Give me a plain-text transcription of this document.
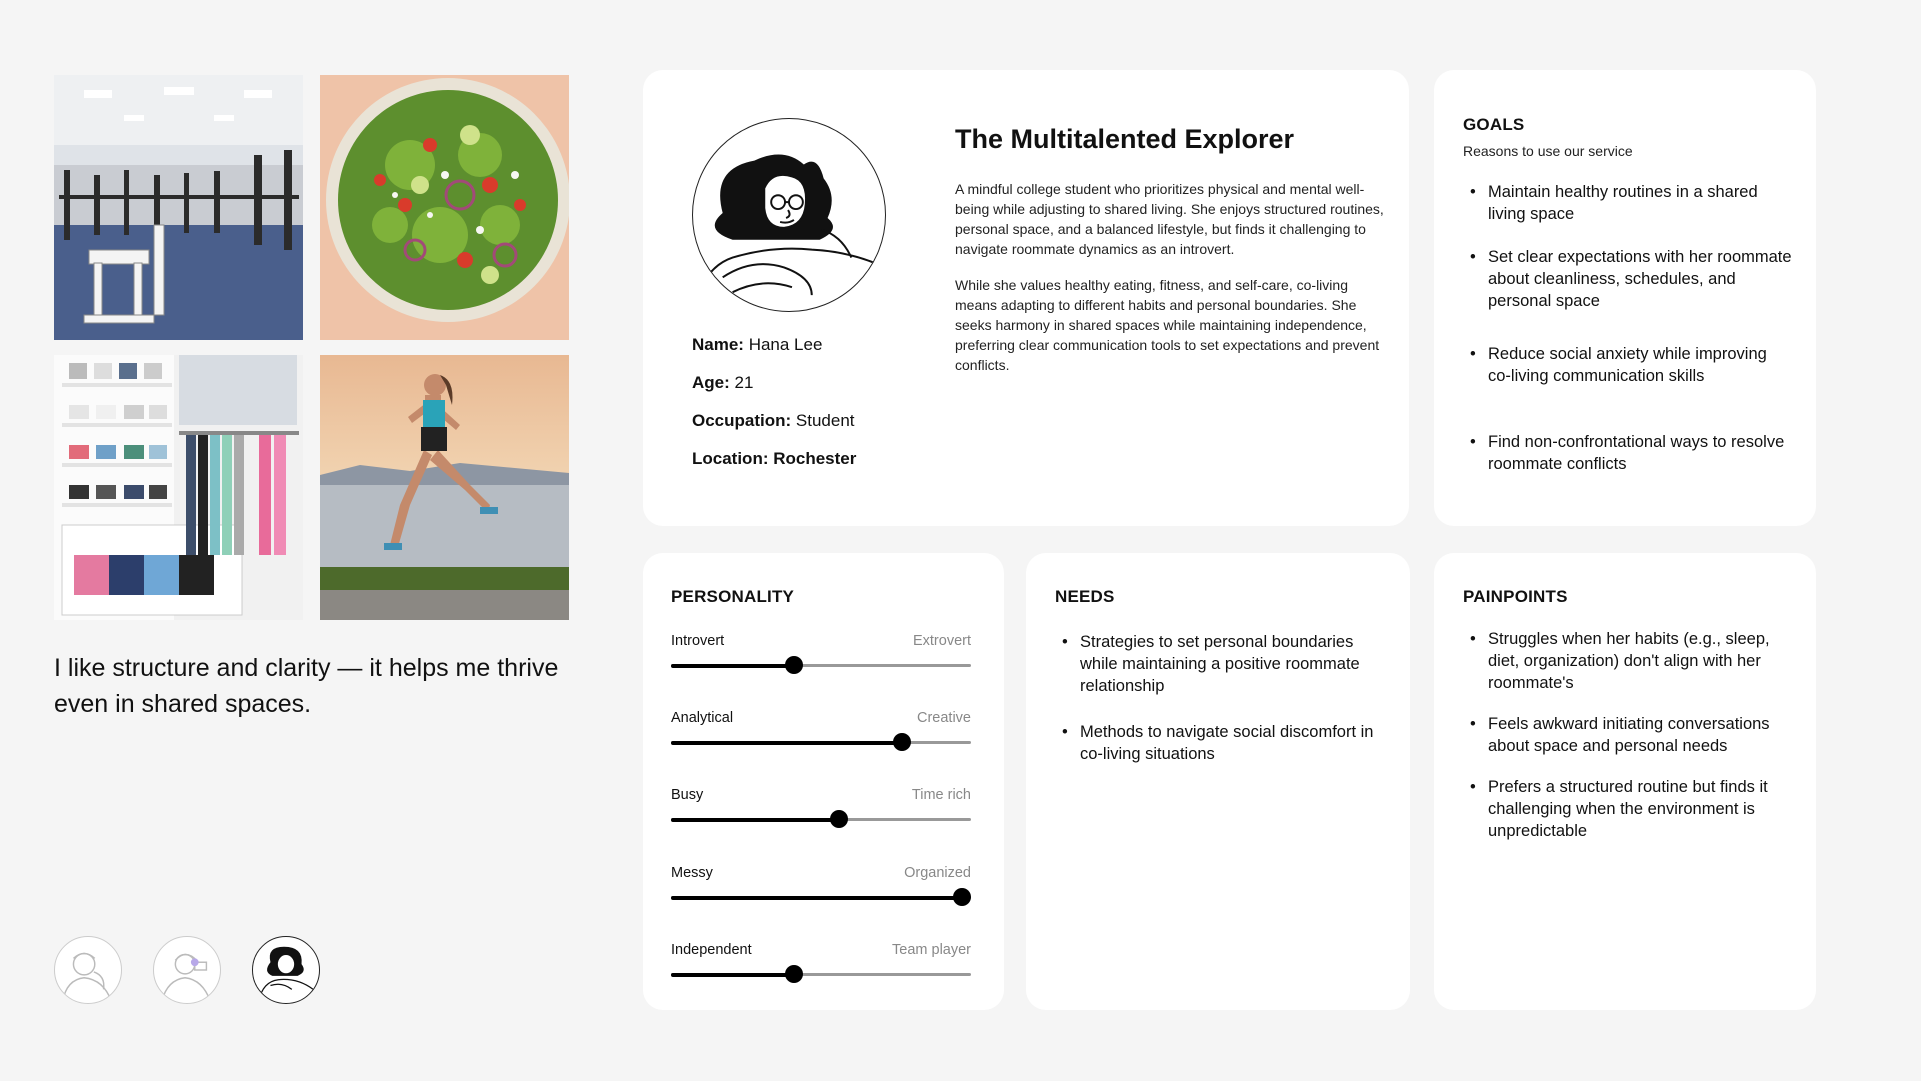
I like structure and clarity — it helps me thrive even in shared spaces.
Name: Hana Lee
Age: 21
Occupation: Student
Location: Rochester
The Multitalented Explorer
A mindful college student who prioritizes physical and mental well-being while adjusting to shared living. She enjoys structured routines, personal space, and a balanced lifestyle, but finds it challenging to navigate roommate dynamics as an introvert.
While she values healthy eating, fitness, and self-care, co-living means adapting to different habits and personal boundaries. She seeks harmony in shared spaces while maintaining independence, preferring clear communication tools to set expectations and prevent conflicts.
GOALS
Reasons to use our service
• Maintain healthy routines in a shared living space
• Set clear expectations with her roommate about cleanliness, schedules, and personal space
• Reduce social anxiety while improving co-living communication skills
• Find non-confrontational ways to resolve roommate conflicts
PERSONALITY
Introvert	Extrovert
Analytical	Creative
Busy	Time rich
Messy	Organized
Independent	Team player
NEEDS
• Strategies to set personal boundaries while maintaining a positive roommate relationship
• Methods to navigate social discomfort in co-living situations
PAINPOINTS
• Struggles when her habits (e.g., sleep, diet, organization) don't align with her roommate's
• Feels awkward initiating conversations about space and personal needs
• Prefers a structured routine but finds it challenging when the environment is unpredictable
